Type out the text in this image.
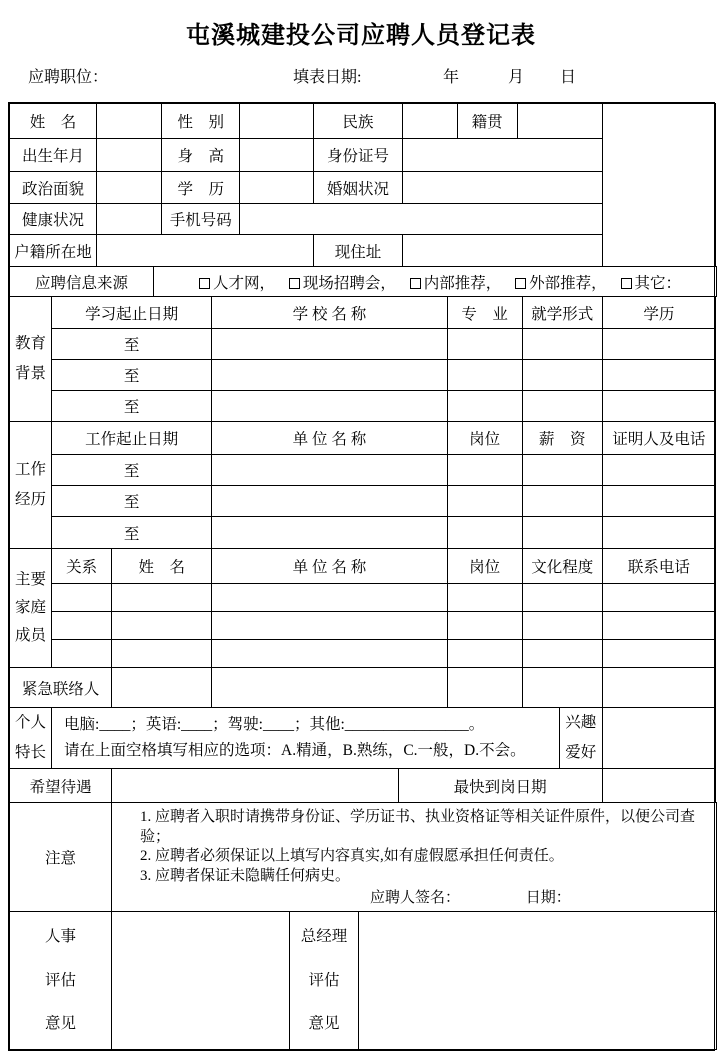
屯溪城建投公司应聘人员登记表
应聘职位：	填表日期:	年	月 日
姓　名		性　别		民族		籍贯		
出生年月		身　高		身份证号				
政治面貌		学　历		婚姻状况				
健康状况		手机号码						
户籍所在地				现住址				
应聘信息来源	人才网， 现场招聘会， 内部推荐， 外部推荐， 其它：
教育
背景	学习起止日期	学 校 名 称	专　业	就学形式	学历
	至				
	至				
	至				
工作
经历	工作起止日期	单 位 名 称	岗位	薪　资	证明人及电话
	至				
	至				
	至				
主要
家庭
成员	关系	姓　名	单 位 名 称	岗位	文化程度	联系电话

紧急联络人					
个人
特长

电脑:____；英语:____；驾驶:____；其他:________________。
请在上面空格填写相应的选项：A.精通，B.熟练，C.一般，D.不会。

兴趣
爱好

希望待遇		最快到岗日期	
注意	
1. 应聘者入职时请携带身份证、学历证书、执业资格证等相关证件原件，以便公司查验；
2. 应聘者必须保证以上填写内容真实,如有虚假愿承担任何责任。
3. 应聘者保证未隐瞒任何病史。
应聘人签名：	日期：
人事
评估
意见

总经理
评估
意见
